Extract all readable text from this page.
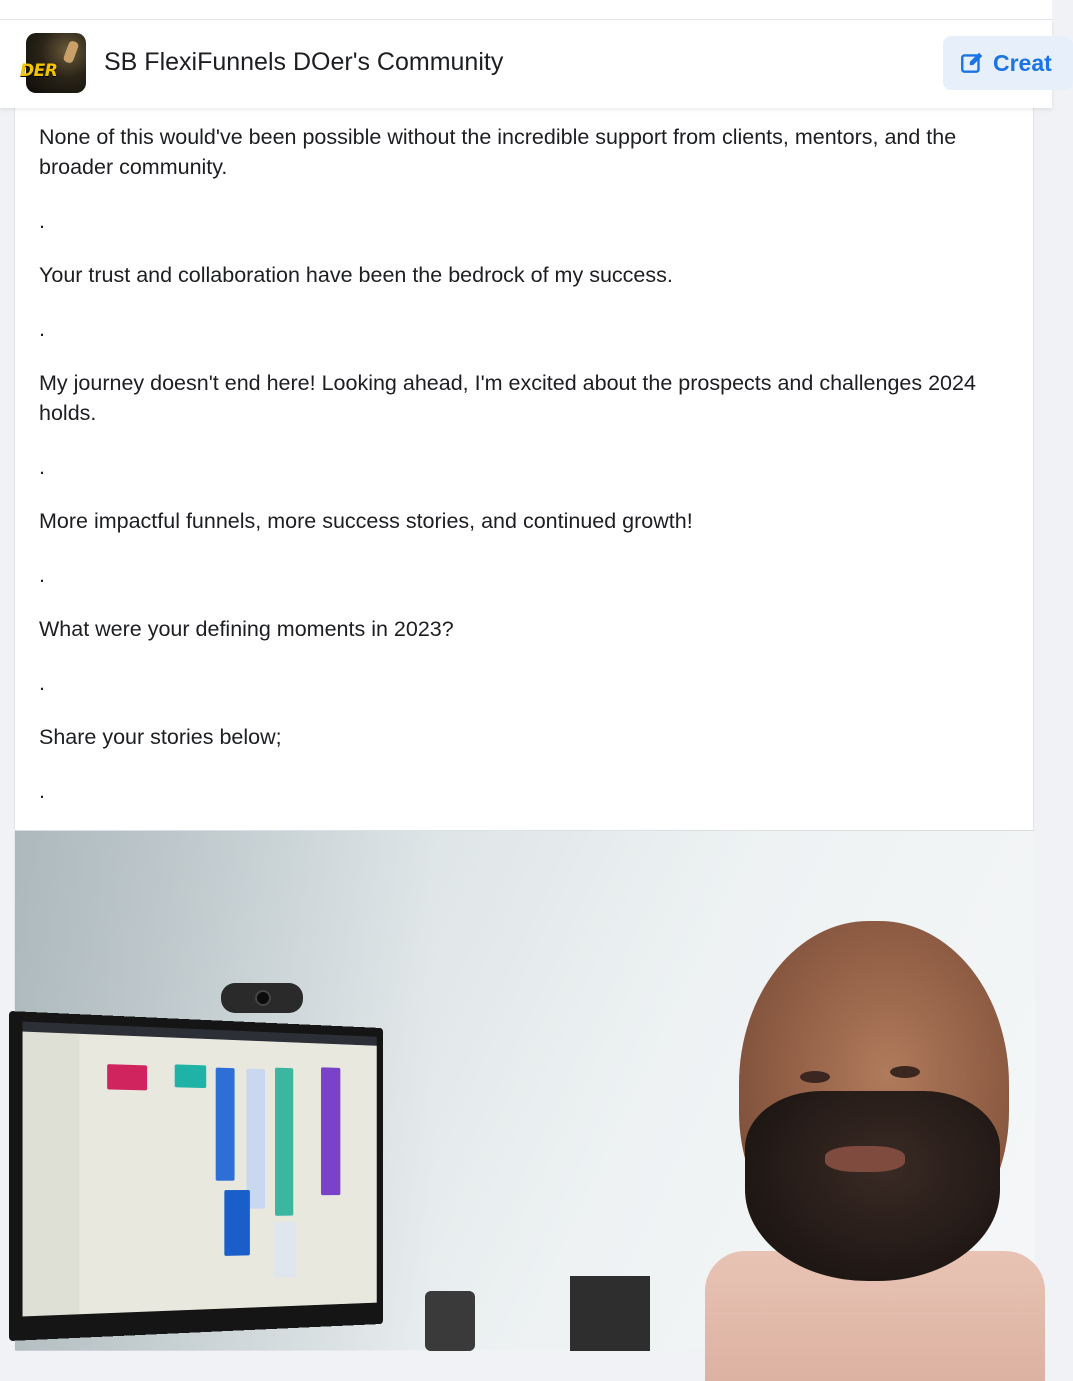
DER SB FlexiFunnels DOer's Community	Creat

None of this would've been possible without the incredible support from clients, mentors, and the broader community.

.

Your trust and collaboration have been the bedrock of my success.

.

My journey doesn't end here! Looking ahead, I'm excited about the prospects and challenges 2024 holds.

.

More impactful funnels, more success stories, and continued growth!

.

What were your defining moments in 2023?

.

Share your stories below;

.
